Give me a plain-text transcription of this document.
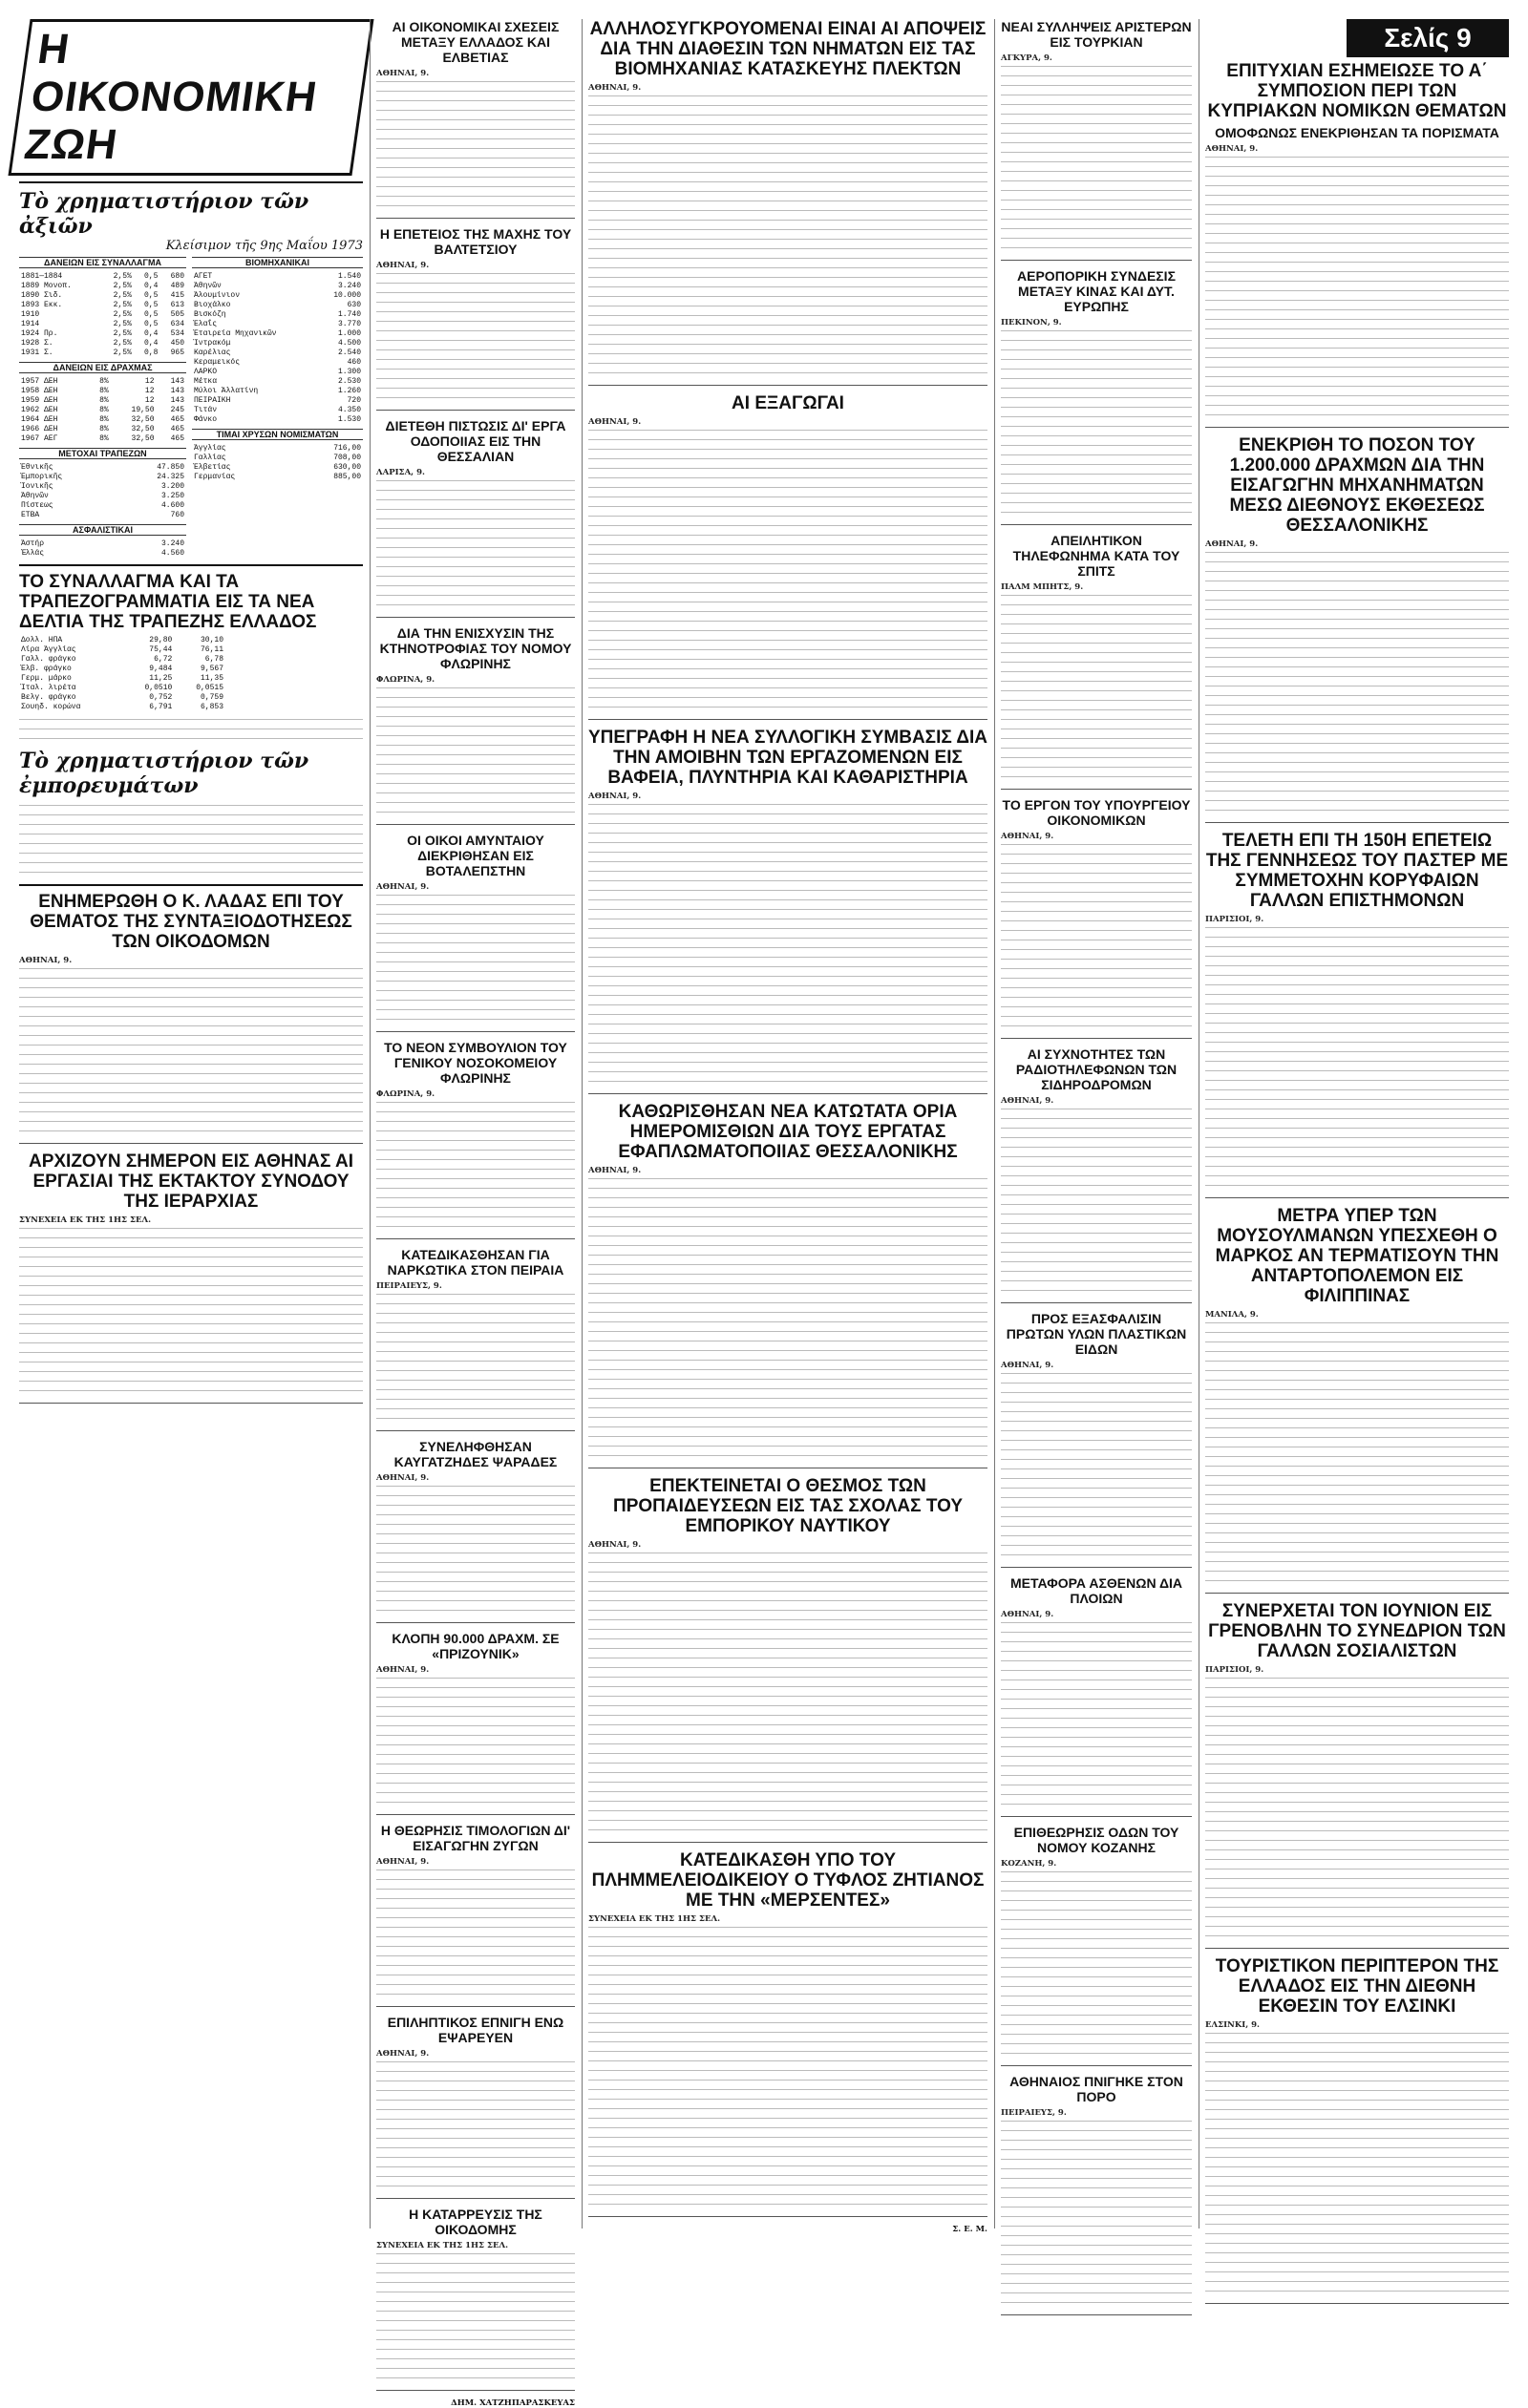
Η ΟΙΚΟΝΟΜΙΚΗ ΖΩΗ
Τὸ χρηματιστήριον τῶν ἀξιῶν
Κλείσιμον τῆς 9ης Μαΐου 1973
ΔΑΝΕΙΩΝ ΕΙΣ ΣΥΝΑΛΛΑΓΜΑ
1881—1884	2,5%	0,5	680
1889 Μονοπ.	2,5%	0,4	489
1890 Σιδ.	2,5%	0,5	415
1893 Εκκ.	2,5%	0,5	613
1910	2,5%	0,5	505
1914	2,5%	0,5	634
1924 Πρ.	2,5%	0,4	534
1928 Σ.	2,5%	0,4	450
1931 Σ.	2,5%	0,8	965
ΔΑΝΕΙΩΝ ΕΙΣ ΔΡΑΧΜΑΣ
1957 ΔΕΗ	8%	12	143
1958 ΔΕΗ	8%	12	143
1959 ΔΕΗ	8%	12	143
1962 ΔΕΗ	8%	19,50	245
1964 ΔΕΗ	8%	32,50	465
1966 ΔΕΗ	8%	32,50	465
1967 ΑΕΓ	8%	32,50	465
ΜΕΤΟΧΑΙ ΤΡΑΠΕΖΩΝ
Ἐθνικῆς			47.850
Ἐμπορικῆς			24.325
Ἰονικῆς			3.200
Ἀθηνῶν			3.250
Πίστεως			4.600
ΕΤΒΑ			760
ΑΣΦΑΛΙΣΤΙΚΑΙ
Ἀστήρ			3.240
Ἑλλάς			4.560
ΒΙΟΜΗΧΑΝΙΚΑΙ
ΑΓΕΤ	1.540
Ἀθηνῶν	3.240
Ἀλουμίνιον	10.000
Βιοχάλκο	630
Βισκόζη	1.740
Ἐλαΐς	3.770
Ἐταιρεία Μηχανικῶν	1.000
Ἰντρακόμ	4.500
Καρέλιας	2.540
Κεραμεικός	460
ΛΑΡΚΟ	1.300
Μέτκα	2.530
Μύλοι Ἀλλατίνη	1.260
ΠΕΙΡΑΙΚΗ	720
Τιτάν	4.350
Φάνκο	1.530
ΤΙΜΑΙ ΧΡΥΣΩΝ ΝΟΜΙΣΜΑΤΩΝ
Ἀγγλίας	716,00
Γαλλίας	708,00
Ἐλβετίας	630,00
Γερμανίας	885,00
ΤΟ ΣΥΝΑΛΛΑΓΜΑ ΚΑΙ ΤΑ ΤΡΑΠΕΖΟΓΡΑΜΜΑΤΙΑ ΕΙΣ ΤΑ ΝΕΑ ΔΕΛΤΙΑ ΤΗΣ ΤΡΑΠΕΖΗΣ ΕΛΛΑΔΟΣ
Δολλ. ΗΠΑ	29,80	30,10
Λίρα Ἀγγλίας	75,44	76,11
Γαλλ. φράγκο	6,72	6,78
Ἐλβ. φράγκο	9,484	9,567
Γερμ. μάρκο	11,25	11,35
Ἰταλ. λιρέτα	0,0510	0,0515
Βελγ. φράγκο	0,752	0,759
Σουηδ. κορώνα	6,791	6,853
Τὸ χρηματιστήριον τῶν ἐμπορευμάτων
ΕΝΗΜΕΡΩΘΗ Ο Κ. ΛΑΔΑΣ ΕΠΙ ΤΟΥ ΘΕΜΑΤΟΣ ΤΗΣ ΣΥΝΤΑΞΙΟΔΟΤΗΣΕΩΣ ΤΩΝ ΟΙΚΟΔΟΜΩΝ
ΑΘΗΝΑΙ, 9.
ΑΡΧΙΖΟΥΝ ΣΗΜΕΡΟΝ ΕΙΣ ΑΘΗΝΑΣ ΑΙ ΕΡΓΑΣΙΑΙ ΤΗΣ ΕΚΤΑΚΤΟΥ ΣΥΝΟΔΟΥ ΤΗΣ ΙΕΡΑΡΧΙΑΣ
ΣΥΝΕΧΕΙΑ ΕΚ ΤΗΣ 1ΗΣ ΣΕΛ.
ΑΙ ΟΙΚΟΝΟΜΙΚΑΙ ΣΧΕΣΕΙΣ ΜΕΤΑΞΥ ΕΛΛΑΔΟΣ ΚΑΙ ΕΛΒΕΤΙΑΣ
ΑΘΗΝΑΙ, 9.
Η ΕΠΕΤΕΙΟΣ ΤΗΣ ΜΑΧΗΣ ΤΟΥ ΒΑΛΤΕΤΣΙΟΥ
ΑΘΗΝΑΙ, 9.
ΔΙΕΤΕΘΗ ΠΙΣΤΩΣΙΣ ΔΙ' ΕΡΓΑ ΟΔΟΠΟΙΙΑΣ ΕΙΣ ΤΗΝ ΘΕΣΣΑΛΙΑΝ
ΛΑΡΙΣΑ, 9.
ΔΙΑ ΤΗΝ ΕΝΙΣΧΥΣΙΝ ΤΗΣ ΚΤΗΝΟΤΡΟΦΙΑΣ ΤΟΥ ΝΟΜΟΥ ΦΛΩΡΙΝΗΣ
ΦΛΩΡΙΝΑ, 9.
ΟΙ ΟΙΚΟΙ ΑΜΥΝΤΑΙΟΥ ΔΙΕΚΡΙΘΗΣΑΝ ΕΙΣ ΒΟΤΑΛΕΠΣΤΗΝ
ΑΘΗΝΑΙ, 9.
ΤΟ ΝΕΟΝ ΣΥΜΒΟΥΛΙΟΝ ΤΟΥ ΓΕΝΙΚΟΥ ΝΟΣΟΚΟΜΕΙΟΥ ΦΛΩΡΙΝΗΣ
ΦΛΩΡΙΝΑ, 9.
ΚΑΤΕΔΙΚΑΣΘΗΣΑΝ ΓΙΑ ΝΑΡΚΩΤΙΚΑ ΣΤΟΝ ΠΕΙΡΑΙΑ
ΠΕΙΡΑΙΕΥΣ, 9.
ΣΥΝΕΛΗΦΘΗΣΑΝ ΚΑΥΓΑΤΖΗΔΕΣ ΨΑΡΑΔΕΣ
ΑΘΗΝΑΙ, 9.
ΚΛΟΠΗ 90.000 ΔΡΑΧΜ. ΣΕ «ΠΡΙΖΟΥΝΙΚ»
ΑΘΗΝΑΙ, 9.
Η ΘΕΩΡΗΣΙΣ ΤΙΜΟΛΟΓΙΩΝ ΔΙ' ΕΙΣΑΓΩΓΗΝ ΖΥΓΩΝ
ΑΘΗΝΑΙ, 9.
ΕΠΙΛΗΠΤΙΚΟΣ ΕΠΝΙΓΗ ΕΝΩ ΕΨΑΡΕΥΕΝ
ΑΘΗΝΑΙ, 9.
Η ΚΑΤΑΡΡΕΥΣΙΣ ΤΗΣ ΟΙΚΟΔΟΜΗΣ
ΣΥΝΕΧΕΙΑ ΕΚ ΤΗΣ 1ΗΣ ΣΕΛ.
ΔΗΜ. ΧΑΤΖΗΠΑΡΑΣΚΕΥΑΣ
ΑΛΛΗΛΟΣΥΓΚΡΟΥΟΜΕΝΑΙ ΕΙΝΑΙ ΑΙ ΑΠΟΨΕΙΣ ΔΙΑ ΤΗΝ ΔΙΑΘΕΣΙΝ ΤΩΝ ΝΗΜΑΤΩΝ ΕΙΣ ΤΑΣ ΒΙΟΜΗΧΑΝΙΑΣ ΚΑΤΑΣΚΕΥΗΣ ΠΛΕΚΤΩΝ
ΑΘΗΝΑΙ, 9.
ΑΙ ΕΞΑΓΩΓΑΙ
ΑΘΗΝΑΙ, 9.
ΥΠΕΓΡΑΦΗ Η ΝΕΑ ΣΥΛΛΟΓΙΚΗ ΣΥΜΒΑΣΙΣ ΔΙΑ ΤΗΝ ΑΜΟΙΒΗΝ ΤΩΝ ΕΡΓΑΖΟΜΕΝΩΝ ΕΙΣ ΒΑΦΕΙΑ, ΠΛΥΝΤΗΡΙΑ ΚΑΙ ΚΑΘΑΡΙΣΤΗΡΙΑ
ΑΘΗΝΑΙ, 9.
ΚΑΘΩΡΙΣΘΗΣΑΝ ΝΕΑ ΚΑΤΩΤΑΤΑ ΟΡΙΑ ΗΜΕΡΟΜΙΣΘΙΩΝ ΔΙΑ ΤΟΥΣ ΕΡΓΑΤΑΣ ΕΦΑΠΛΩΜΑΤΟΠΟΙΙΑΣ ΘΕΣΣΑΛΟΝΙΚΗΣ
ΑΘΗΝΑΙ, 9.
ΕΠΕΚΤΕΙΝΕΤΑΙ Ο ΘΕΣΜΟΣ ΤΩΝ ΠΡΟΠΑΙΔΕΥΣΕΩΝ ΕΙΣ ΤΑΣ ΣΧΟΛΑΣ ΤΟΥ ΕΜΠΟΡΙΚΟΥ ΝΑΥΤΙΚΟΥ
ΑΘΗΝΑΙ, 9.
ΚΑΤΕΔΙΚΑΣΘΗ ΥΠΟ ΤΟΥ ΠΛΗΜΜΕΛΕΙΟΔΙΚΕΙΟΥ Ο ΤΥΦΛΟΣ ΖΗΤΙΑΝΟΣ ΜΕ ΤΗΝ «ΜΕΡΣΕΝΤΕΣ»
ΣΥΝΕΧΕΙΑ ΕΚ ΤΗΣ 1ΗΣ ΣΕΛ.
Σ. Ε. Μ.
ΝΕΑΙ ΣΥΛΛΗΨΕΙΣ ΑΡΙΣΤΕΡΩΝ ΕΙΣ ΤΟΥΡΚΙΑΝ
ΑΓΚΥΡΑ, 9.
ΑΕΡΟΠΟΡΙΚΗ ΣΥΝΔΕΣΙΣ ΜΕΤΑΞΥ ΚΙΝΑΣ ΚΑΙ ΔΥΤ. ΕΥΡΩΠΗΣ
ΠΕΚΙΝΟΝ, 9.
ΑΠΕΙΛΗΤΙΚΟΝ ΤΗΛΕΦΩΝΗΜΑ ΚΑΤΑ ΤΟΥ ΣΠΙΤΣ
ΠΑΛΜ ΜΠΗΤΣ, 9.
ΤΟ ΕΡΓΟΝ ΤΟΥ ΥΠΟΥΡΓΕΙΟΥ ΟΙΚΟΝΟΜΙΚΩΝ
ΑΘΗΝΑΙ, 9.
ΑΙ ΣΥΧΝΟΤΗΤΕΣ ΤΩΝ ΡΑΔΙΟΤΗΛΕΦΩΝΩΝ ΤΩΝ ΣΙΔΗΡΟΔΡΟΜΩΝ
ΑΘΗΝΑΙ, 9.
ΠΡΟΣ ΕΞΑΣΦΑΛΙΣΙΝ ΠΡΩΤΩΝ ΥΛΩΝ ΠΛΑΣΤΙΚΩΝ ΕΙΔΩΝ
ΑΘΗΝΑΙ, 9.
ΜΕΤΑΦΟΡΑ ΑΣΘΕΝΩΝ ΔΙΑ ΠΛΟΙΩΝ
ΑΘΗΝΑΙ, 9.
ΕΠΙΘΕΩΡΗΣΙΣ ΟΔΩΝ ΤΟΥ ΝΟΜΟΥ ΚΟΖΑΝΗΣ
ΚΟΖΑΝΗ, 9.
ΑΘΗΝΑΙΟΣ ΠΝΙΓΗΚΕ ΣΤΟΝ ΠΟΡΟ
ΠΕΙΡΑΙΕΥΣ, 9.
Σελίς 9
ΕΠΙΤΥΧΙΑΝ ΕΣΗΜΕΙΩΣΕ ΤΟ Α΄ ΣΥΜΠΟΣΙΟΝ ΠΕΡΙ ΤΩΝ ΚΥΠΡΙΑΚΩΝ ΝΟΜΙΚΩΝ ΘΕΜΑΤΩΝ
ΟΜΟΦΩΝΩΣ ΕΝΕΚΡΙΘΗΣΑΝ ΤΑ ΠΟΡΙΣΜΑΤΑ
ΑΘΗΝΑΙ, 9.
ΕΝΕΚΡΙΘΗ ΤΟ ΠΟΣΟΝ ΤΟΥ 1.200.000 ΔΡΑΧΜΩΝ ΔΙΑ ΤΗΝ ΕΙΣΑΓΩΓΗΝ ΜΗΧΑΝΗΜΑΤΩΝ ΜΕΣΩ ΔΙΕΘΝΟΥΣ ΕΚΘΕΣΕΩΣ ΘΕΣΣΑΛΟΝΙΚΗΣ
ΑΘΗΝΑΙ, 9.
ΤΕΛΕΤΗ ΕΠΙ ΤΗ 150Η ΕΠΕΤΕΙΩ ΤΗΣ ΓΕΝΝΗΣΕΩΣ ΤΟΥ ΠΑΣΤΕΡ ΜΕ ΣΥΜΜΕΤΟΧΗΝ ΚΟΡΥΦΑΙΩΝ ΓΑΛΛΩΝ ΕΠΙΣΤΗΜΟΝΩΝ
ΠΑΡΙΣΙΟΙ, 9.
ΜΕΤΡΑ ΥΠΕΡ ΤΩΝ ΜΟΥΣΟΥΛΜΑΝΩΝ ΥΠΕΣΧΕΘΗ Ο ΜΑΡΚΟΣ ΑΝ ΤΕΡΜΑΤΙΣΟΥΝ ΤΗΝ ΑΝΤΑΡΤΟΠΟΛΕΜΟΝ ΕΙΣ ΦΙΛΙΠΠΙΝΑΣ
ΜΑΝΙΛΑ, 9.
ΣΥΝΕΡΧΕΤΑΙ ΤΟΝ ΙΟΥΝΙΟΝ ΕΙΣ ΓΡΕΝΟΒΛΗΝ ΤΟ ΣΥΝΕΔΡΙΟΝ ΤΩΝ ΓΑΛΛΩΝ ΣΟΣΙΑΛΙΣΤΩΝ
ΠΑΡΙΣΙΟΙ, 9.
ΤΟΥΡΙΣΤΙΚΟΝ ΠΕΡΙΠΤΕΡΟΝ ΤΗΣ ΕΛΛΑΔΟΣ ΕΙΣ ΤΗΝ ΔΙΕΘΝΗ ΕΚΘΕΣΙΝ ΤΟΥ ΕΛΣΙΝΚΙ
ΕΛΣΙΝΚΙ, 9.
